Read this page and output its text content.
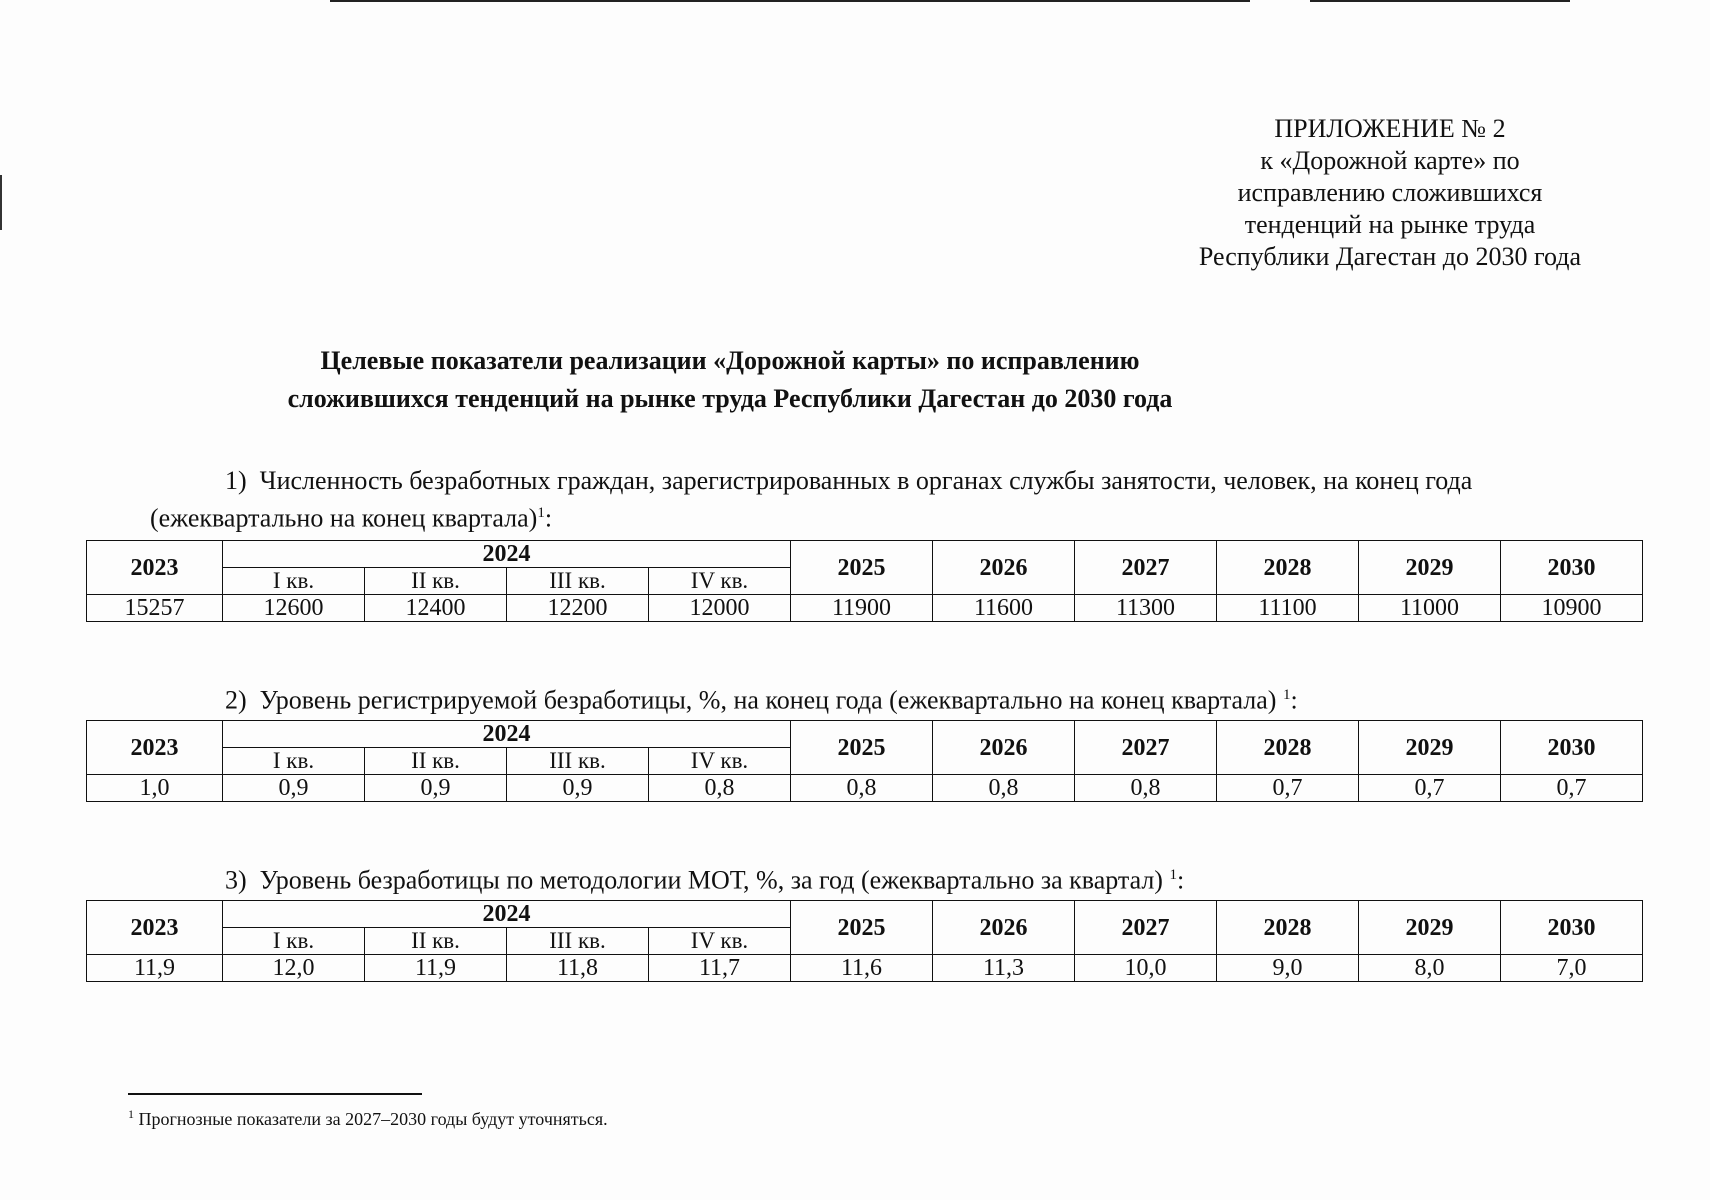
ПРИЛОЖЕНИЕ № 2
к «Дорожной карте» по
исправлению сложившихся
тенденций на рынке труда
Республики Дагестан до 2030 года
Целевые показатели реализации «Дорожной карты» по исправлению
сложившихся тенденций на рынке труда Республики Дагестан до 2030 года
1) Численность безработных граждан, зарегистрированных в органах службы занятости, человек, на конец года
(ежеквартально на конец квартала)$^1$:
2023	2024				2025	2026	2027	2028	2029	2030
	I кв.	II кв.	III кв.	IV кв.						
15257	12600	12400	12200	12000	11900	11600	11300	11100	11000	10900
2) Уровень регистрируемой безработицы, %, на конец года (ежеквартально на конец квартала) $^1$:
2023	2024				2025	2026	2027	2028	2029	2030
	I кв.	II кв.	III кв.	IV кв.						
1,0	0,9	0,9	0,9	0,8	0,8	0,8	0,8	0,7	0,7	0,7
3) Уровень безработицы по методологии МОТ, %, за год (ежеквартально за квартал) $^1$:
2023	2024				2025	2026	2027	2028	2029	2030
	I кв.	II кв.	III кв.	IV кв.						
11,9	12,0	11,9	11,8	11,7	11,6	11,3	10,0	9,0	8,0	7,0
$^1$ Прогнозные показатели за 2027–2030 годы будут уточняться.
